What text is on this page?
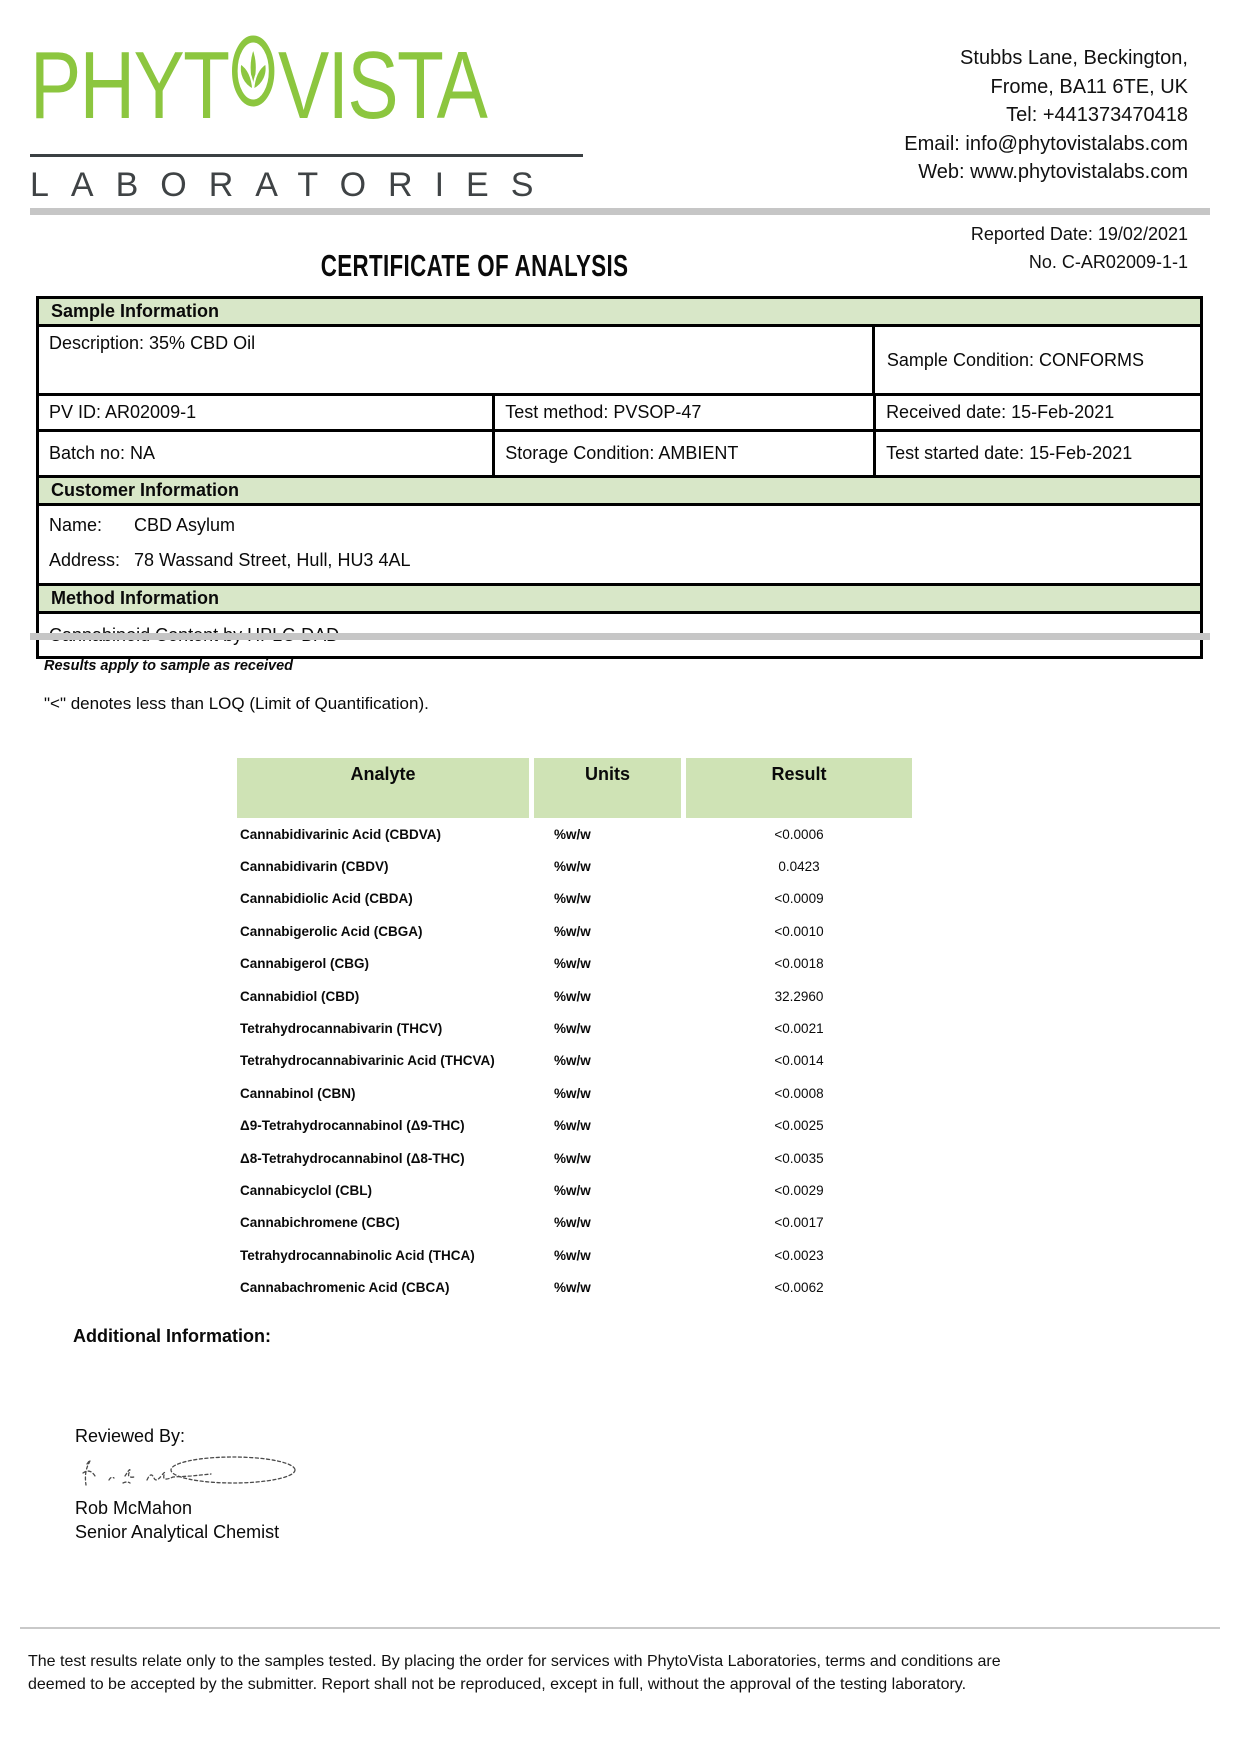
PHYT VISTA
LABORATORIES
Stubbs Lane, Beckington,
Frome, BA11 6TE, UK
Tel: +441373470418
Email: info@phytovistalabs.com
Web: www.phytovistalabs.com
Reported Date: 19/02/2021
No. C-AR02009-1-1
CERTIFICATE OF ANALYSIS
Sample Information
Description: 35% CBD Oil
Sample Condition: CONFORMS
PV ID: AR02009-1	Test method: PVSOP-47	Received date: 15-Feb-2021
Batch no: NA	Storage Condition: AMBIENT	Test started date: 15-Feb-2021
Customer Information
Name: CBD Asylum
Address: 78 Wassand Street, Hull, HU3 4AL
Method Information
Results apply to sample as received
"<" denotes less than LOQ (Limit of Quantification).
Analyte	Units	Result
Cannabidivarinic Acid (CBDVA)	%w/w	<0.0006
Cannabidivarin (CBDV)	%w/w	0.0423
Cannabidiolic Acid (CBDA)	%w/w	<0.0009
Cannabigerolic Acid (CBGA)	%w/w	<0.0010
Cannabigerol (CBG)	%w/w	<0.0018
Cannabidiol (CBD)	%w/w	32.2960
Tetrahydrocannabivarin (THCV)	%w/w	<0.0021
Tetrahydrocannabivarinic Acid (THCVA)	%w/w	<0.0014
Cannabinol (CBN)	%w/w	<0.0008
Δ9-Tetrahydrocannabinol (Δ9-THC)	%w/w	<0.0025
Δ8-Tetrahydrocannabinol (Δ8-THC)	%w/w	<0.0035
Cannabicyclol (CBL)	%w/w	<0.0029
Cannabichromene (CBC)	%w/w	<0.0017
Tetrahydrocannabinolic Acid (THCA)	%w/w	<0.0023
Cannabachromenic Acid (CBCA)	%w/w	<0.0062
Additional Information:
Reviewed By:
Rob McMahon
Senior Analytical Chemist
The test results relate only to the samples tested. By placing the order for services with PhytoVista Laboratories, terms and conditions are
deemed to be accepted by the submitter. Report shall not be reproduced, except in full, without the approval of the testing laboratory.
